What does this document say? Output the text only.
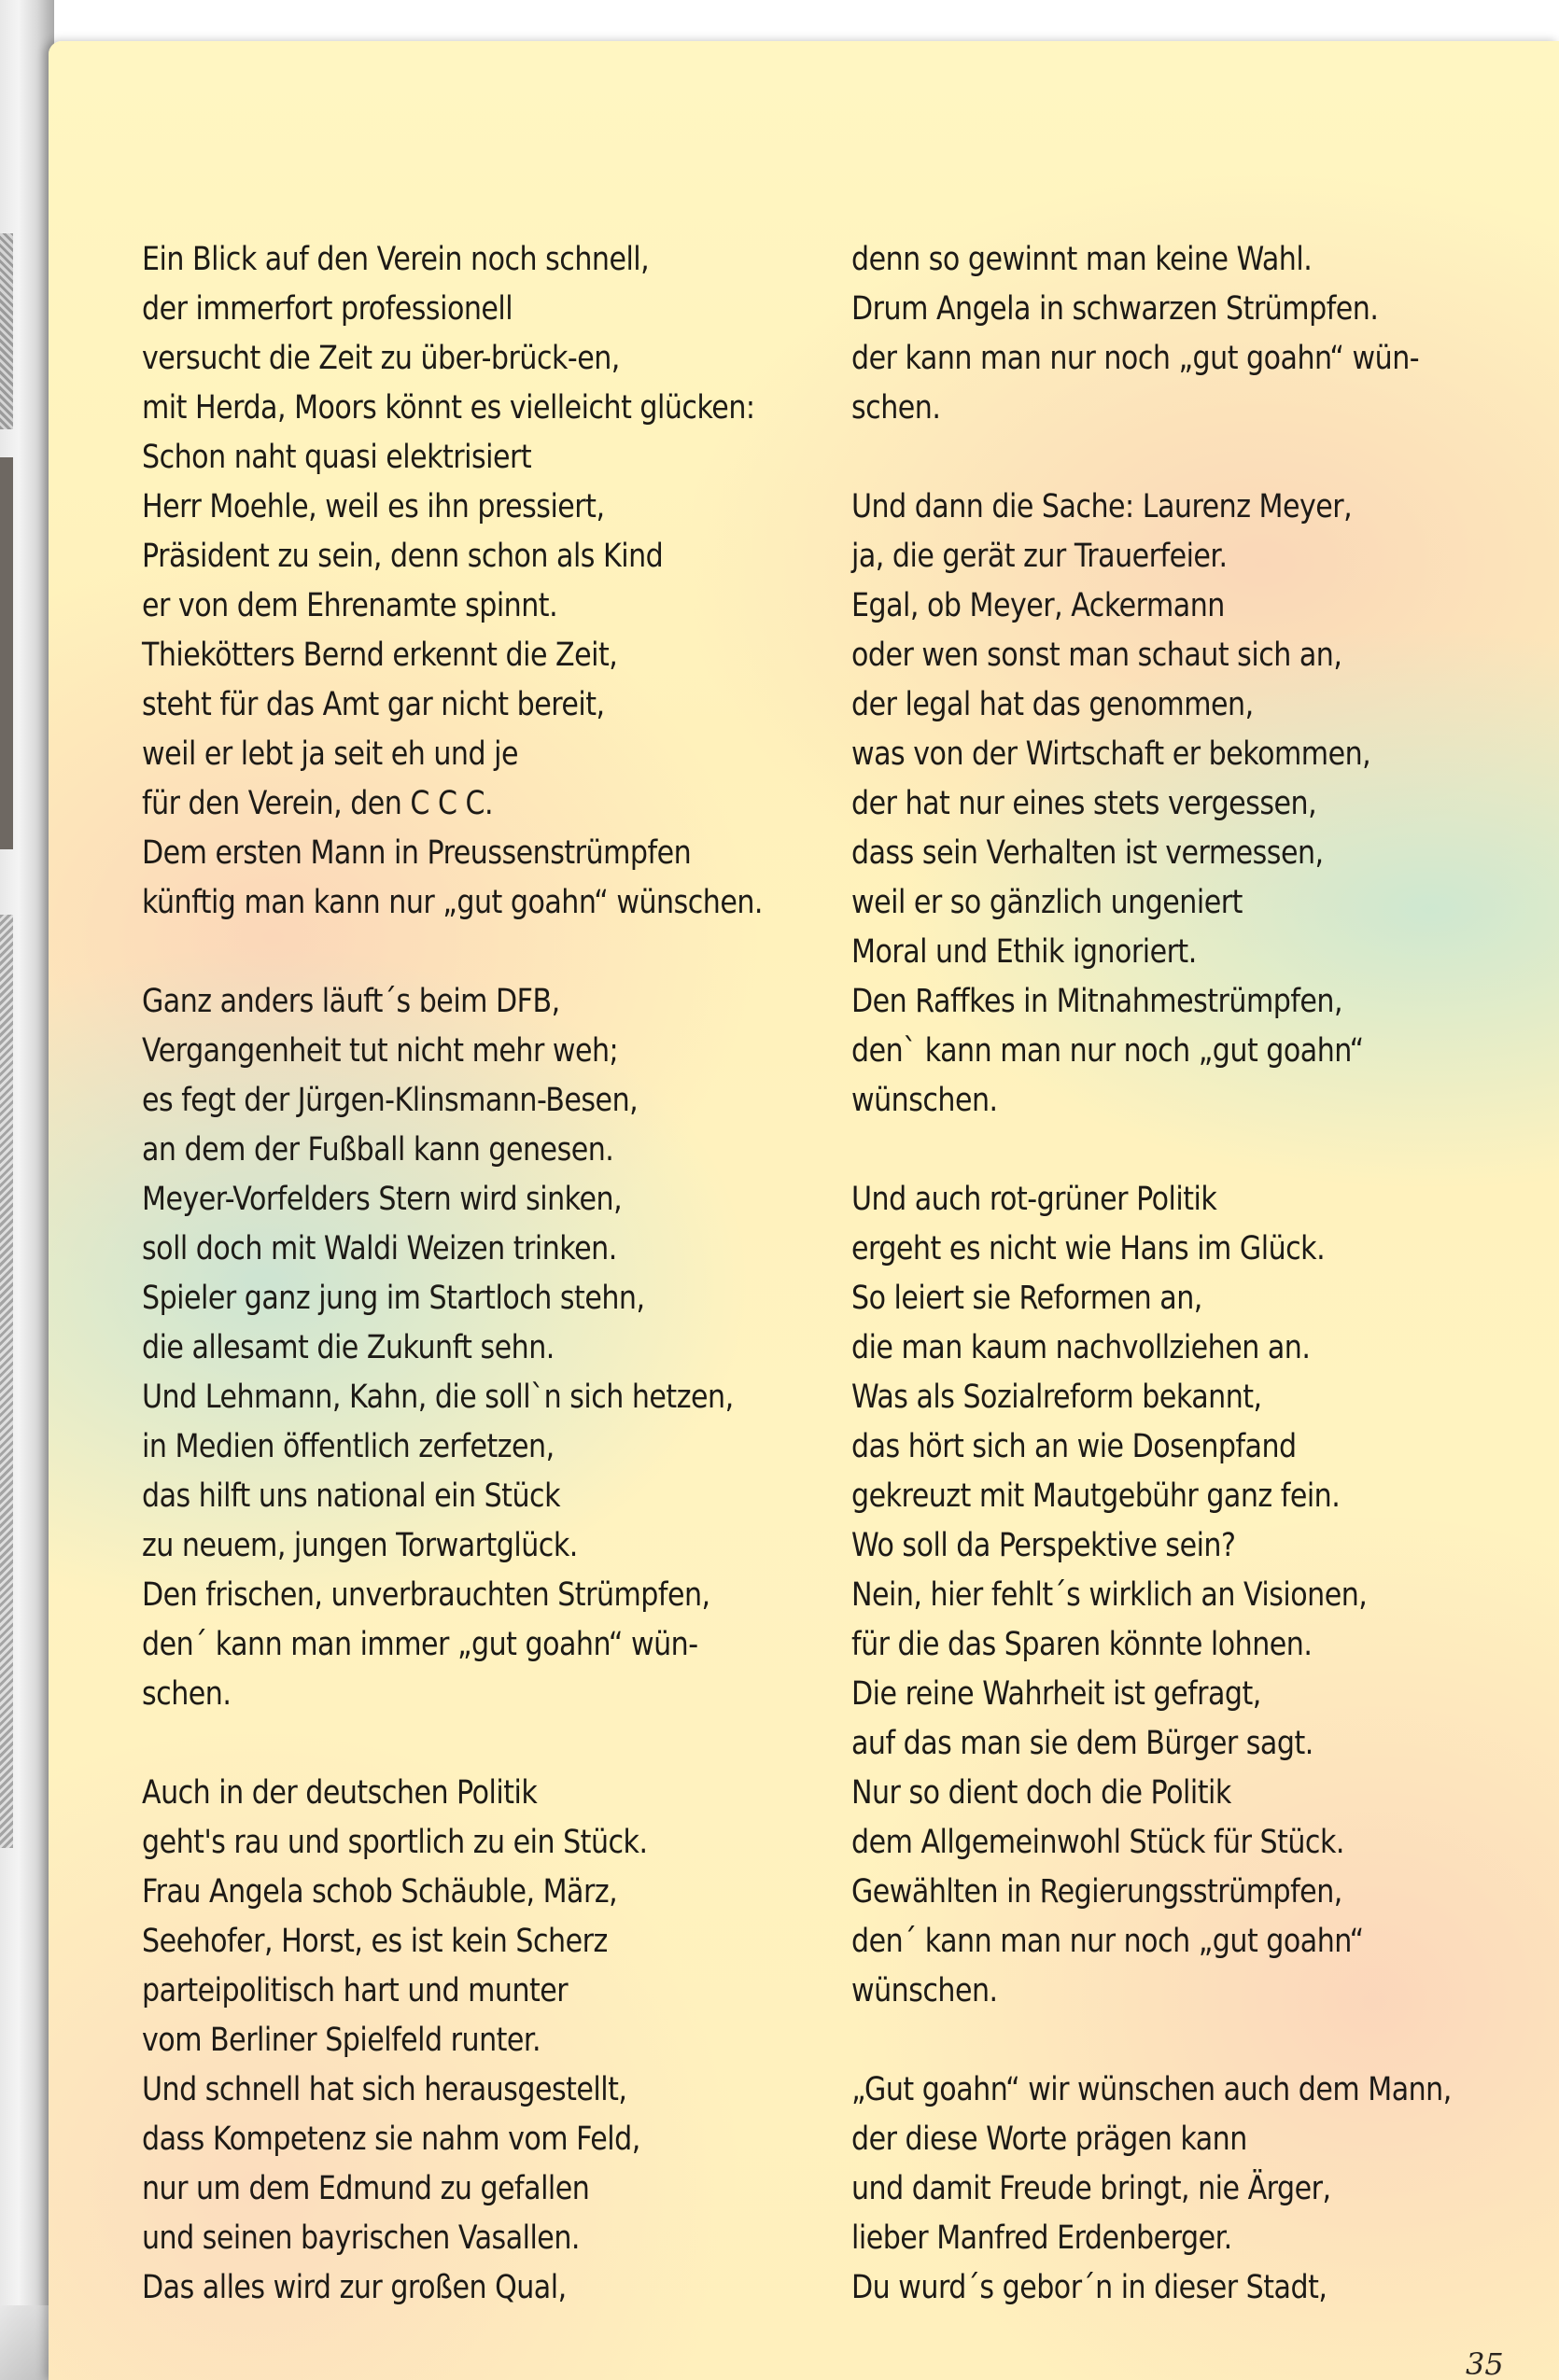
Ein Blick auf den Verein noch schnell,
der immerfort professionell
versucht die Zeit zu über-brück-en,
mit Herda, Moors könnt es vielleicht glücken:
Schon naht quasi elektrisiert
Herr Moehle, weil es ihn pressiert,
Präsident zu sein, denn schon als Kind
er von dem Ehrenamte spinnt.
Thiekötters Bernd erkennt die Zeit,
steht für das Amt gar nicht bereit,
weil er lebt ja seit eh und je
für den Verein, den C C C.
Dem ersten Mann in Preussenstrümpfen
künftig man kann nur „gut goahn“ wünschen.
Ganz anders läuft´s beim DFB,
Vergangenheit tut nicht mehr weh;
es fegt der Jürgen-Klinsmann-Besen,
an dem der Fußball kann genesen.
Meyer-Vorfelders Stern wird sinken,
soll doch mit Waldi Weizen trinken.
Spieler ganz jung im Startloch stehn,
die allesamt die Zukunft sehn.
Und Lehmann, Kahn, die soll`n sich hetzen,
in Medien öffentlich zerfetzen,
das hilft uns national ein Stück
zu neuem, jungen Torwartglück.
Den frischen, unverbrauchten Strümpfen,
den´ kann man immer „gut goahn“ wün-
schen.
Auch in der deutschen Politik
geht's rau und sportlich zu ein Stück.
Frau Angela schob Schäuble, März,
Seehofer, Horst, es ist kein Scherz
parteipolitisch hart und munter
vom Berliner Spielfeld runter.
Und schnell hat sich herausgestellt,
dass Kompetenz sie nahm vom Feld,
nur um dem Edmund zu gefallen
und seinen bayrischen Vasallen.
Das alles wird zur großen Qual,
denn so gewinnt man keine Wahl.
Drum Angela in schwarzen Strümpfen.
der kann man nur noch „gut goahn“ wün-
schen.
Und dann die Sache: Laurenz Meyer,
ja, die gerät zur Trauerfeier.
Egal, ob Meyer, Ackermann
oder wen sonst man schaut sich an,
der legal hat das genommen,
was von der Wirtschaft er bekommen,
der hat nur eines stets vergessen,
dass sein Verhalten ist vermessen,
weil er so gänzlich ungeniert
Moral und Ethik ignoriert.
Den Raffkes in Mitnahmestrümpfen,
den` kann man nur noch „gut goahn“
wünschen.
Und auch rot-grüner Politik
ergeht es nicht wie Hans im Glück.
So leiert sie Reformen an,
die man kaum nachvollziehen an.
Was als Sozialreform bekannt,
das hört sich an wie Dosenpfand
gekreuzt mit Mautgebühr ganz fein.
Wo soll da Perspektive sein?
Nein, hier fehlt´s wirklich an Visionen,
für die das Sparen könnte lohnen.
Die reine Wahrheit ist gefragt,
auf das man sie dem Bürger sagt.
Nur so dient doch die Politik
dem Allgemeinwohl Stück für Stück.
Gewählten in Regierungsstrümpfen,
den´ kann man nur noch „gut goahn“
wünschen.
„Gut goahn“ wir wünschen auch dem Mann,
der diese Worte prägen kann
und damit Freude bringt, nie Ärger,
lieber Manfred Erdenberger.
Du wurd´s gebor´n in dieser Stadt,
35
